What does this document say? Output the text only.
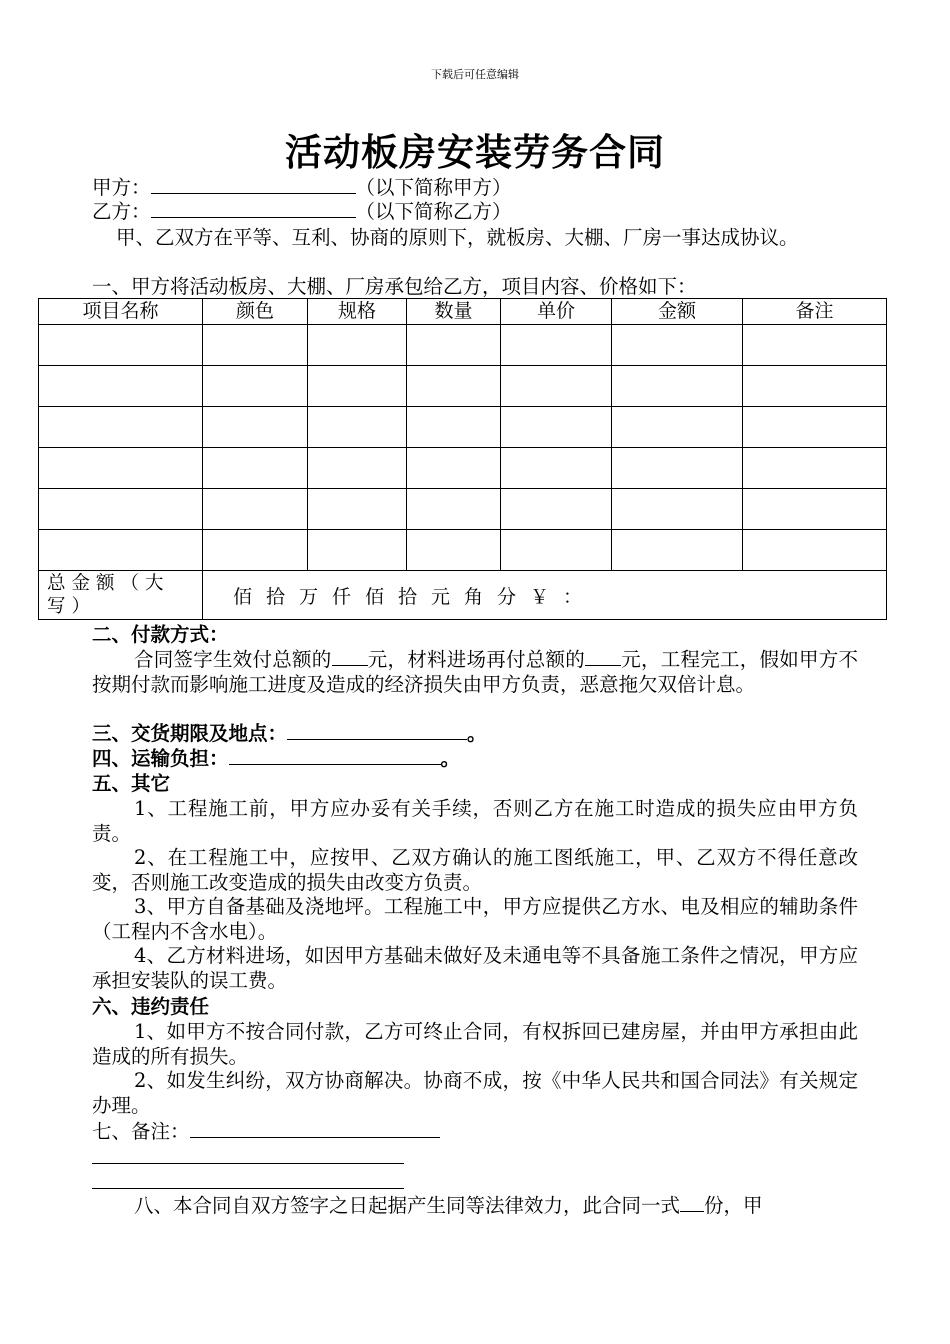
下载后可任意编辑
活动板房安装劳务合同
甲方：	（以下简称甲方）
乙方：	（以下简称乙方）
甲、乙双方在平等、互利、协商的原则下，就板房、大棚、厂房一事达成协议。
一、甲方将活动板房、大棚、厂房承包给乙方，项目内容、价格如下：
项目名称	颜色	规格	数量	单价	金额	备注

总金额（大写）	佰拾万仟佰拾元角分￥：					
二、付款方式：
合同签字生效付总额的 元，材料进场再付总额的 元，工程完工，假如甲方不按期付款而影响施工进度及造成的经济损失由甲方负责，恶意拖欠双倍计息。
三、交货期限及地点：	。
四、运输负担：	。
五、其它
1、工程施工前，甲方应办妥有关手续，否则乙方在施工时造成的损失应由甲方负责。
2、在工程施工中，应按甲、乙双方确认的施工图纸施工，甲、乙双方不得任意改变，否则施工改变造成的损失由改变方负责。
3、甲方自备基础及浇地坪。工程施工中，甲方应提供乙方水、电及相应的辅助条件（工程内不含水电）。
4、乙方材料进场，如因甲方基础未做好及未通电等不具备施工条件之情况，甲方应承担安装队的误工费。
六、违约责任
1、如甲方不按合同付款，乙方可终止合同，有权拆回已建房屋，并由甲方承担由此造成的所有损失。
2、如发生纠纷，双方协商解决。协商不成，按《中华人民共和国合同法》有关规定办理。
七、备注：
八、本合同自双方签字之日起据产生同等法律效力，此合同一式 份，甲
